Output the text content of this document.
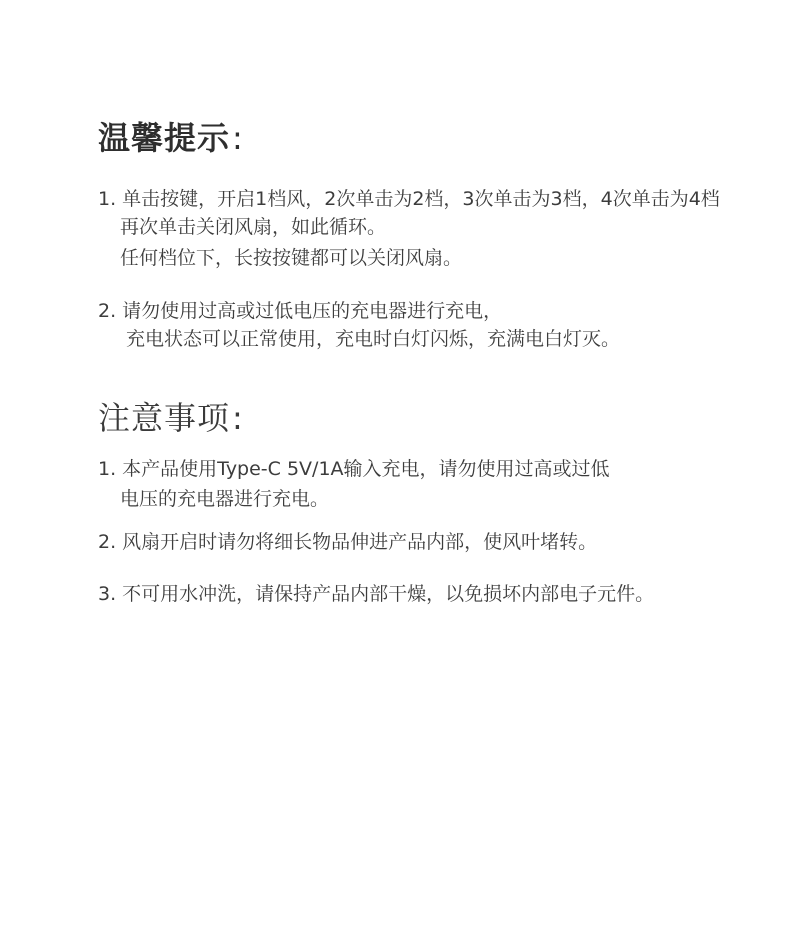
温馨提示:

1. 单击按键，开启1档风，2次单击为2档，3次单击为3档，4次单击为4档

再次单击关闭风扇，如此循环。

任何档位下，长按按键都可以关闭风扇。

2. 请勿使用过高或过低电压的充电器进行充电，

充电状态可以正常使用，充电时白灯闪烁，充满电白灯灭。

注意事项:

1. 本产品使用Type-C 5V/1A输入充电，请勿使用过高或过低

电压的充电器进行充电。

2. 风扇开启时请勿将细长物品伸进产品内部，使风叶堵转。

3. 不可用水冲洗，请保持产品内部干燥，以免损坏内部电子元件。
